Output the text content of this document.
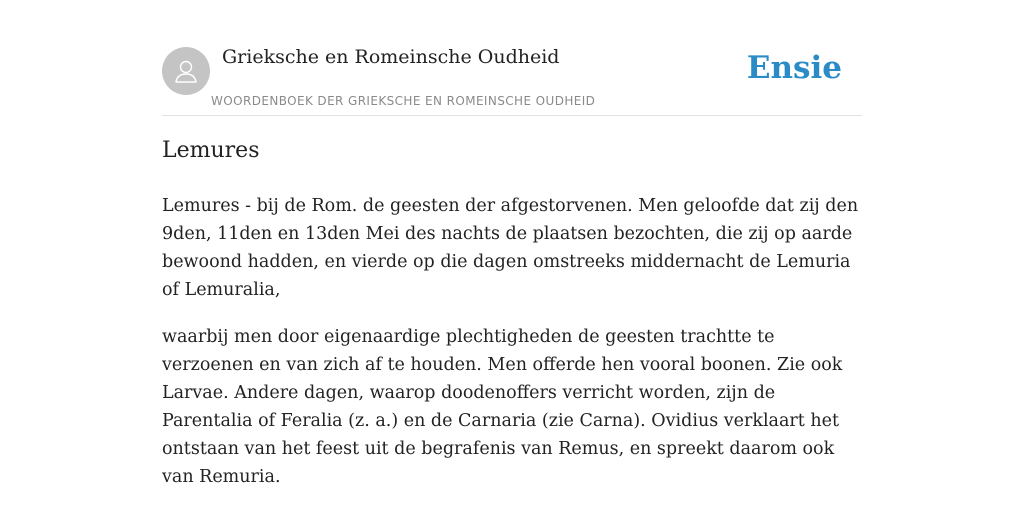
Grieksche en Romeinsche Oudheid
WOORDENBOEK DER GRIEKSCHE EN ROMEINSCHE OUDHEID
Ensie
Lemures

Lemures - bij de Rom. de geesten der afgestorvenen. Men geloofde dat zij den 9den, 11den en 13den Mei des nachts de plaatsen bezochten, die zij op aarde bewoond hadden, en vierde op die dagen omstreeks middernacht de Lemuria of Lemuralia,

waarbij men door eigenaardige plechtigheden de geesten trachtte te verzoenen en van zich af te houden. Men offerde hen vooral boonen. Zie ook Larvae. Andere dagen, waarop doodenoffers verricht worden, zijn de Parentalia of Feralia (z. a.) en de Carnaria (zie Carna). Ovidius verklaart het ontstaan van het feest uit de begrafenis van Remus, en spreekt daarom ook van Remuria.
